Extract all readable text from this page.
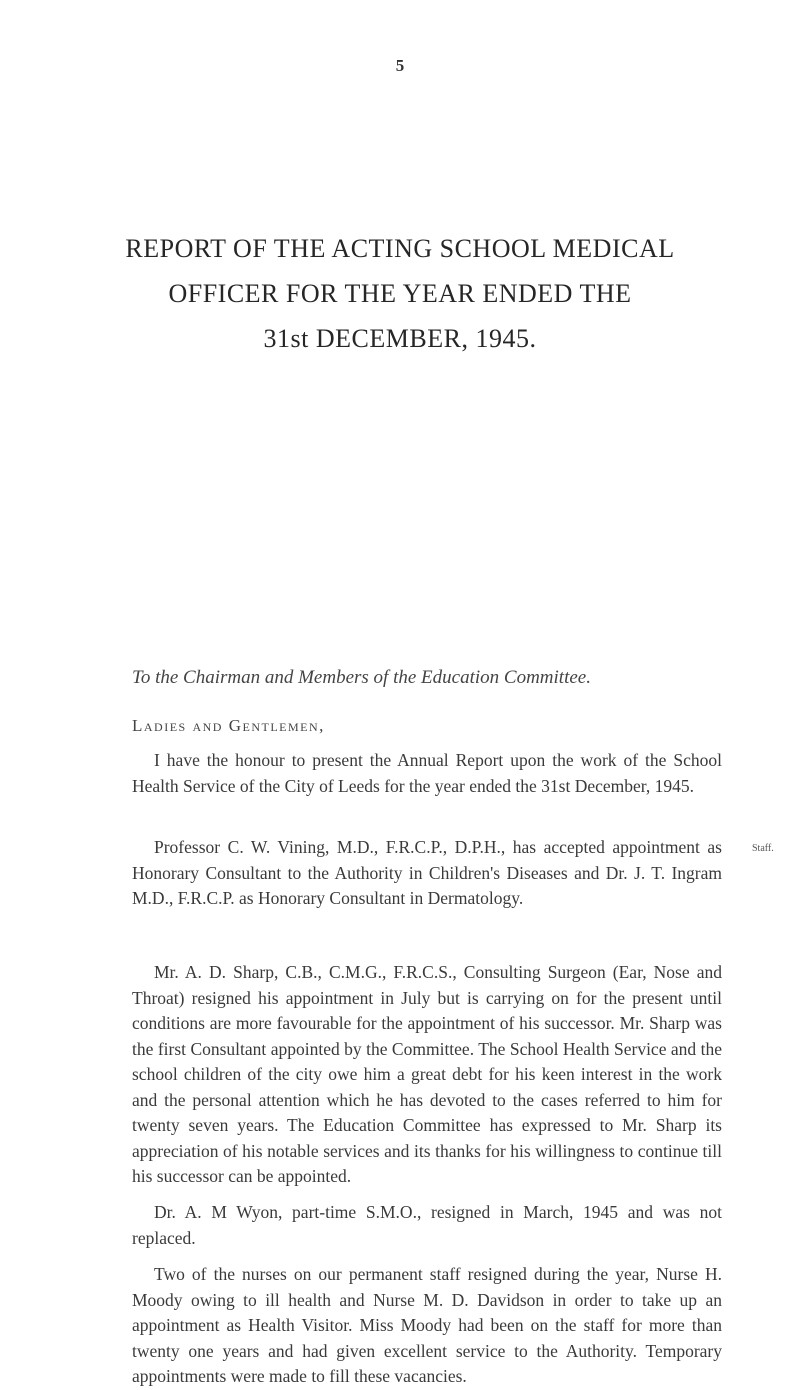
5
REPORT OF THE ACTING SCHOOL MEDICAL
OFFICER FOR THE YEAR ENDED THE
31st DECEMBER, 1945.
To the Chairman and Members of the Education Committee.
Ladies and Gentlemen,
Staff.

I have the honour to present the Annual Report upon the work of the School Health Service of the City of Leeds for the year ended the 31st December, 1945.

Professor C. W. Vining, M.D., F.R.C.P., D.P.H., has accepted appointment as Honorary Consultant to the Authority in Children's Diseases and Dr. J. T. Ingram M.D., F.R.C.P. as Honorary Consultant in Dermatology.

Mr. A. D. Sharp, C.B., C.M.G., F.R.C.S., Consulting Surgeon (Ear, Nose and Throat) resigned his appointment in July but is carrying on for the present until conditions are more favourable for the appointment of his successor. Mr. Sharp was the first Consultant appointed by the Committee. The School Health Service and the school children of the city owe him a great debt for his keen interest in the work and the personal attention which he has devoted to the cases referred to him for twenty seven years. The Education Committee has expressed to Mr. Sharp its appreciation of his notable services and its thanks for his willingness to continue till his successor can be appointed.

Dr. A. M Wyon, part-time S.M.O., resigned in March, 1945 and was not replaced.

Two of the nurses on our permanent staff resigned during the year, Nurse H. Moody owing to ill health and Nurse M. D. Davidson in order to take up an appointment as Health Visitor. Miss Moody had been on the staff for more than twenty one years and had given excellent service to the Authority. Temporary appointments were made to fill these vacancies.
